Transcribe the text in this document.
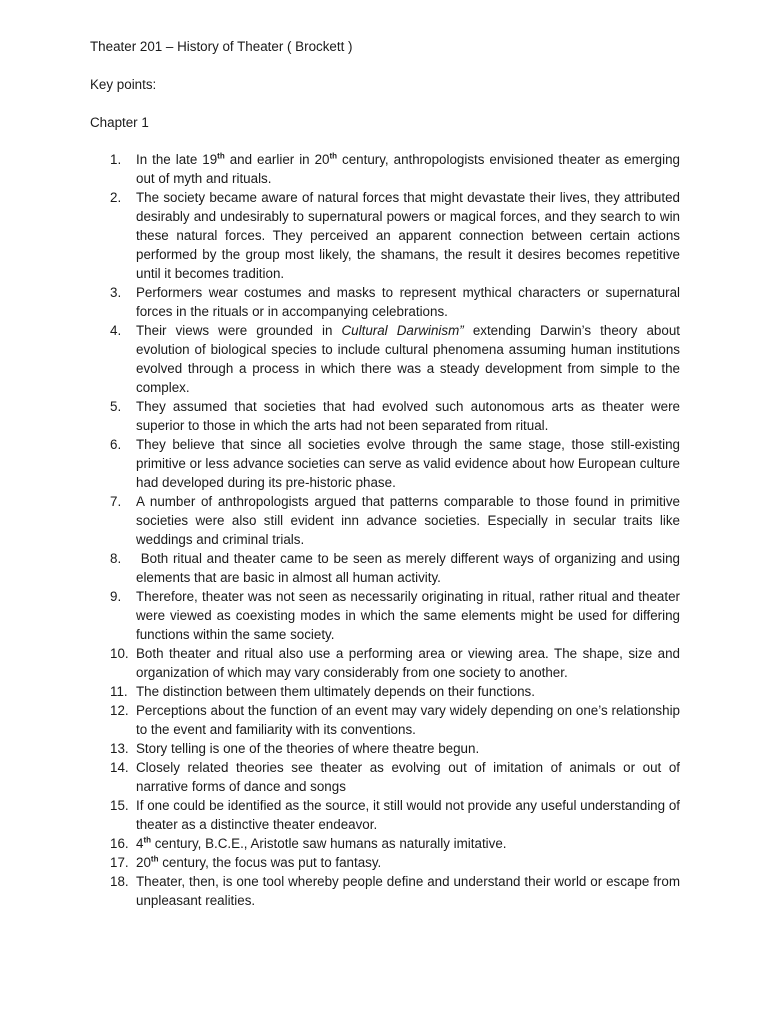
Theater 201 – History of Theater ( Brockett )
Key points:
Chapter 1
1.	In the late 19th and earlier in 20th century, anthropologists envisioned theater as emerging out of myth and rituals.
2.	The society became aware of natural forces that might devastate their lives, they attributed desirably and undesirably to supernatural powers or magical forces, and they search to win these natural forces. They perceived an apparent connection between certain actions performed by the group most likely, the shamans, the result it desires becomes repetitive until it becomes tradition.
3.	Performers wear costumes and masks to represent mythical characters or supernatural forces in the rituals or in accompanying celebrations.
4.	Their views were grounded in Cultural Darwinism” extending Darwin’s theory about evolution of biological species to include cultural phenomena assuming human institutions evolved through a process in which there was a steady development from simple to the complex.
5.	They assumed that societies that had evolved such autonomous arts as theater were superior to those in which the arts had not been separated from ritual.
6.	They believe that since all societies evolve through the same stage, those still-existing primitive or less advance societies can serve as valid evidence about how European culture had developed during its pre-historic phase.
7.	A number of anthropologists argued that patterns comparable to those found in primitive societies were also still evident inn advance societies. Especially in secular traits like weddings and criminal trials.
8.	Both ritual and theater came to be seen as merely different ways of organizing and using elements that are basic in almost all human activity.
9.	Therefore, theater was not seen as necessarily originating in ritual, rather ritual and theater were viewed as coexisting modes in which the same elements might be used for differing functions within the same society.
10. Both theater and ritual also use a performing area or viewing area. The shape, size and organization of which may vary considerably from one society to another.
11. The distinction between them ultimately depends on their functions.
12. Perceptions about the function of an event may vary widely depending on one’s relationship to the event and familiarity with its conventions.
13. Story telling is one of the theories of where theatre begun.
14. Closely related theories see theater as evolving out of imitation of animals or out of narrative forms of dance and songs
15. If one could be identified as the source, it still would not provide any useful understanding of theater as a distinctive theater endeavor.
16. 4th century, B.C.E., Aristotle saw humans as naturally imitative.
17. 20th century, the focus was put to fantasy.
18. Theater, then, is one tool whereby people define and understand their world or escape from unpleasant realities.
